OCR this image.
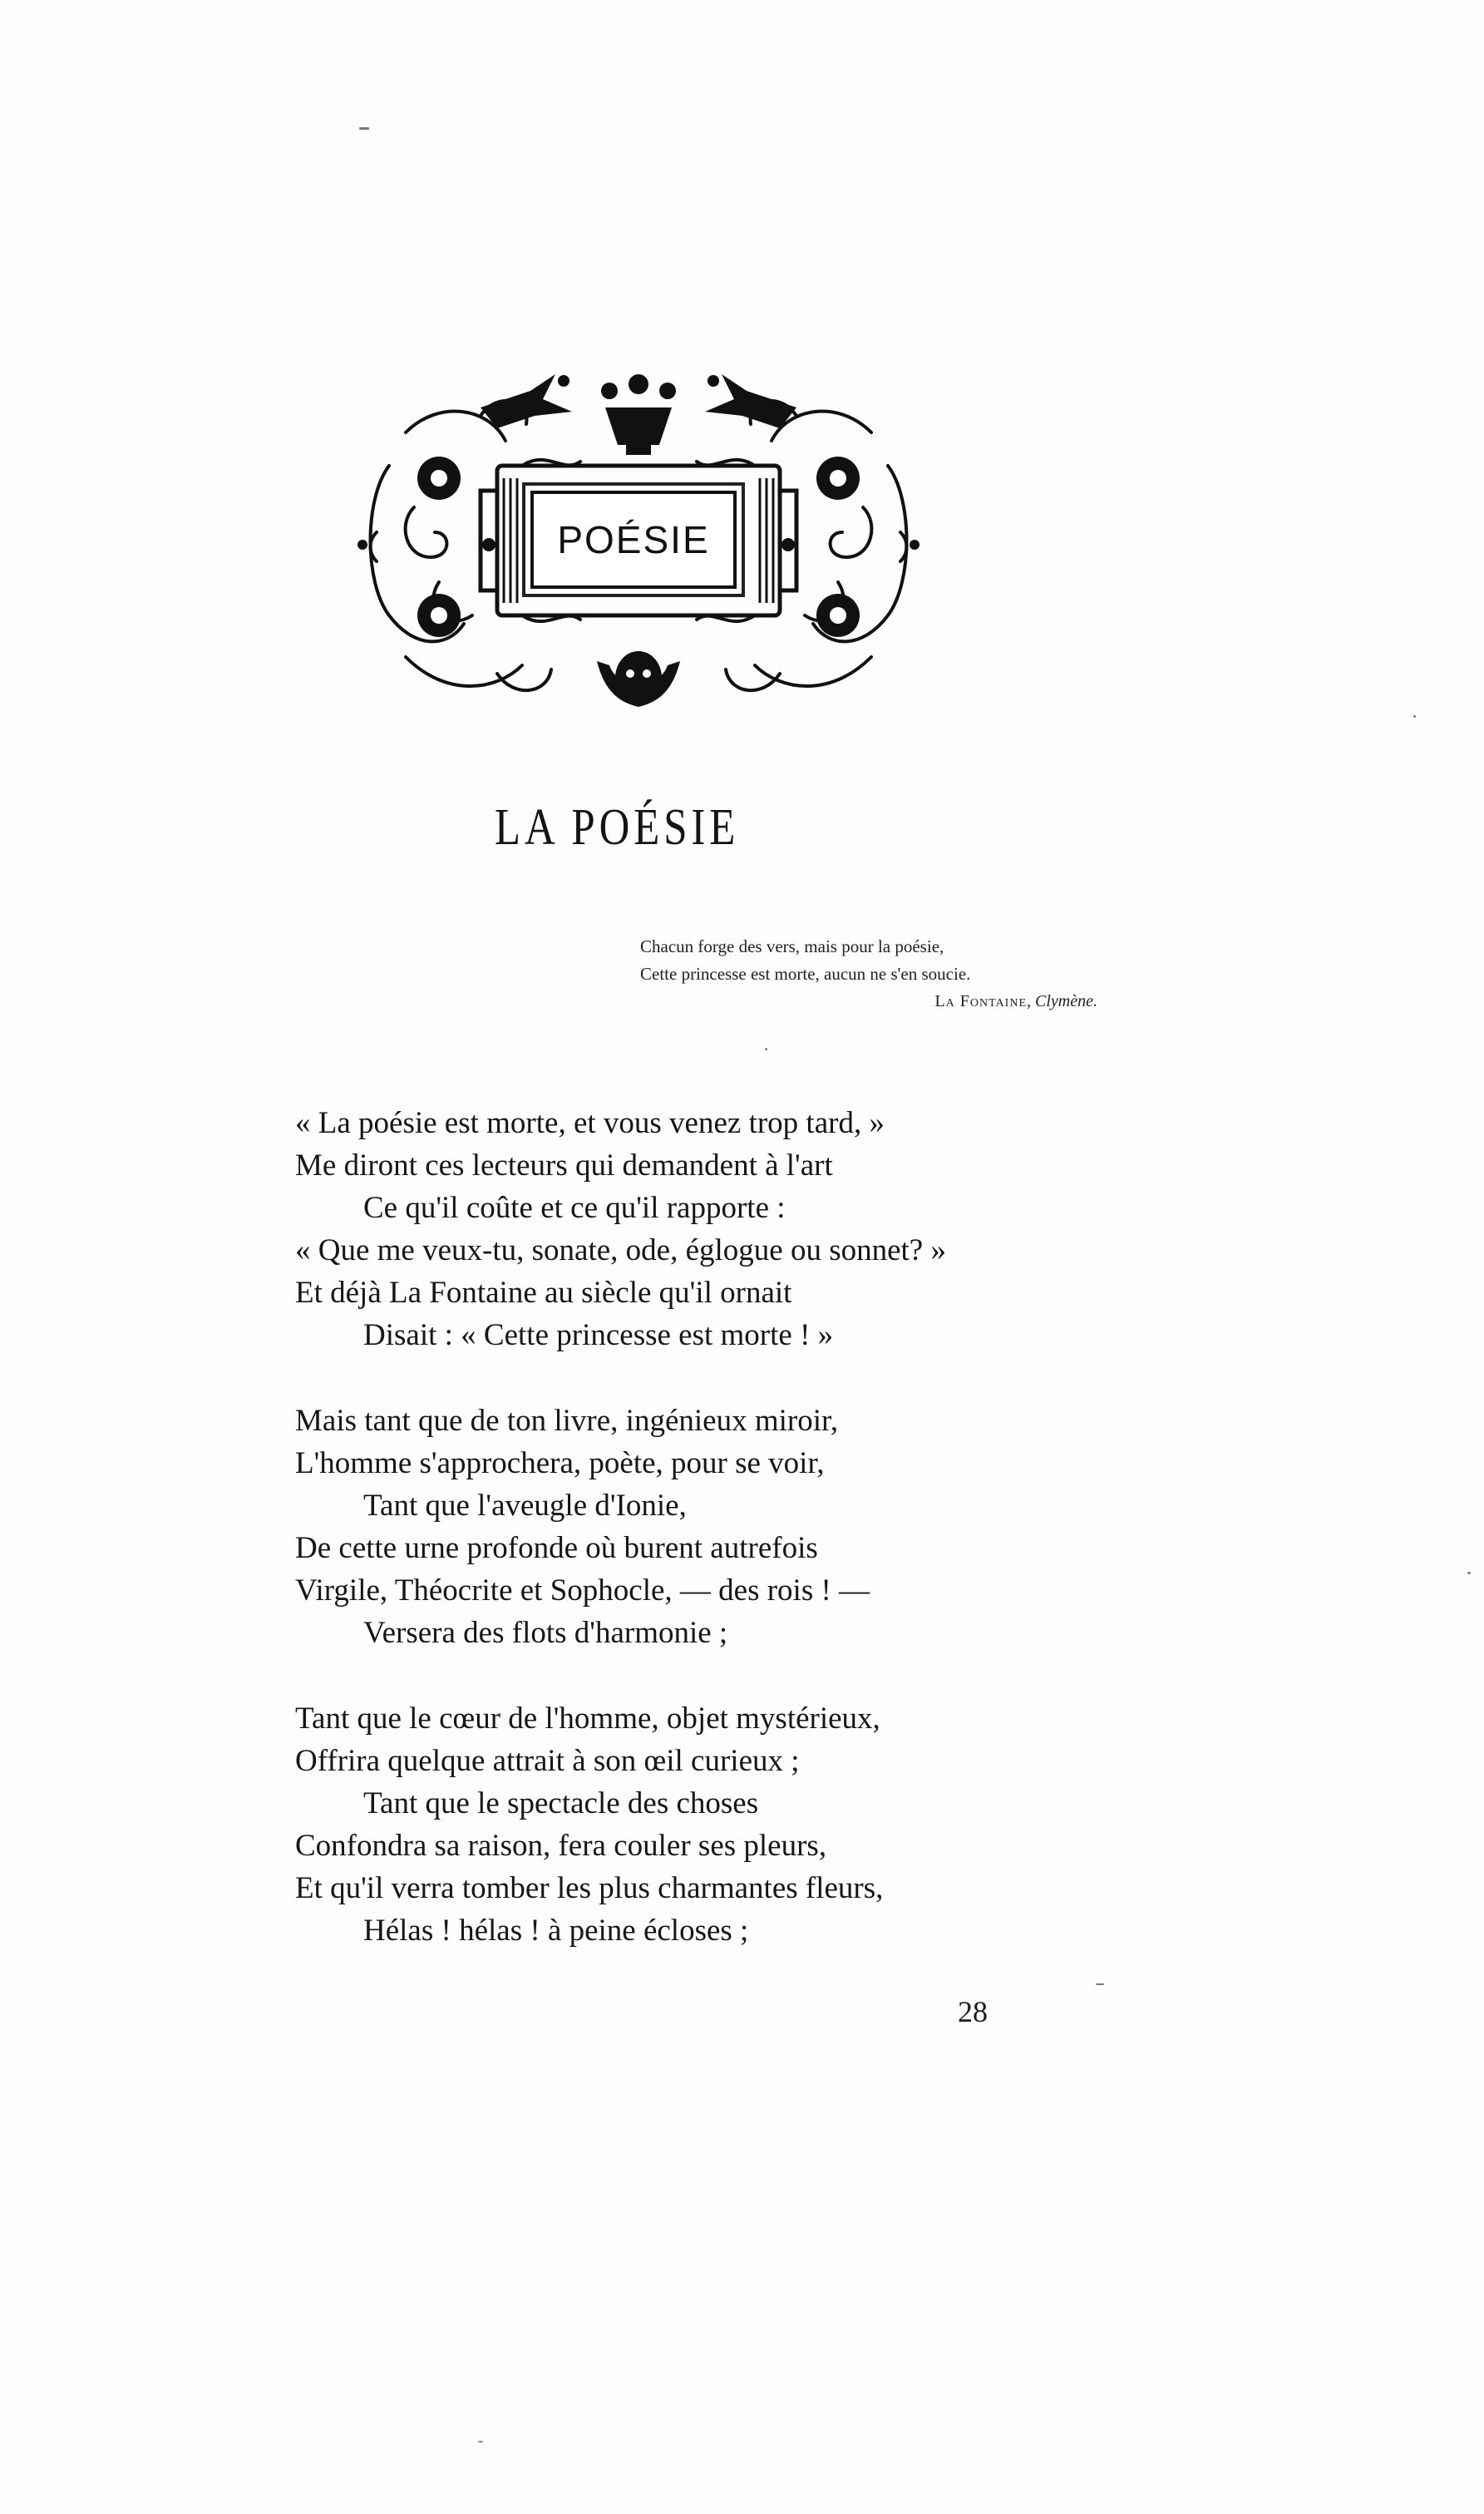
POÉSIE
LA POÉSIE
Chacun forge des vers, mais pour la poésie,
Cette princesse est morte, aucun ne s'en soucie.
La Fontaine, Clymène.
« La poésie est morte, et vous venez trop tard, »
Me diront ces lecteurs qui demandent à l'art
Ce qu'il coûte et ce qu'il rapporte :
« Que me veux-tu, sonate, ode, églogue ou sonnet? »
Et déjà La Fontaine au siècle qu'il ornait
Disait : « Cette princesse est morte ! »
Mais tant que de ton livre, ingénieux miroir,
L'homme s'approchera, poète, pour se voir,
Tant que l'aveugle d'Ionie,
De cette urne profonde où burent autrefois
Virgile, Théocrite et Sophocle, — des rois ! —
Versera des flots d'harmonie ;
Tant que le cœur de l'homme, objet mystérieux,
Offrira quelque attrait à son œil curieux ;
Tant que le spectacle des choses
Confondra sa raison, fera couler ses pleurs,
Et qu'il verra tomber les plus charmantes fleurs,
Hélas ! hélas ! à peine écloses ;
28
